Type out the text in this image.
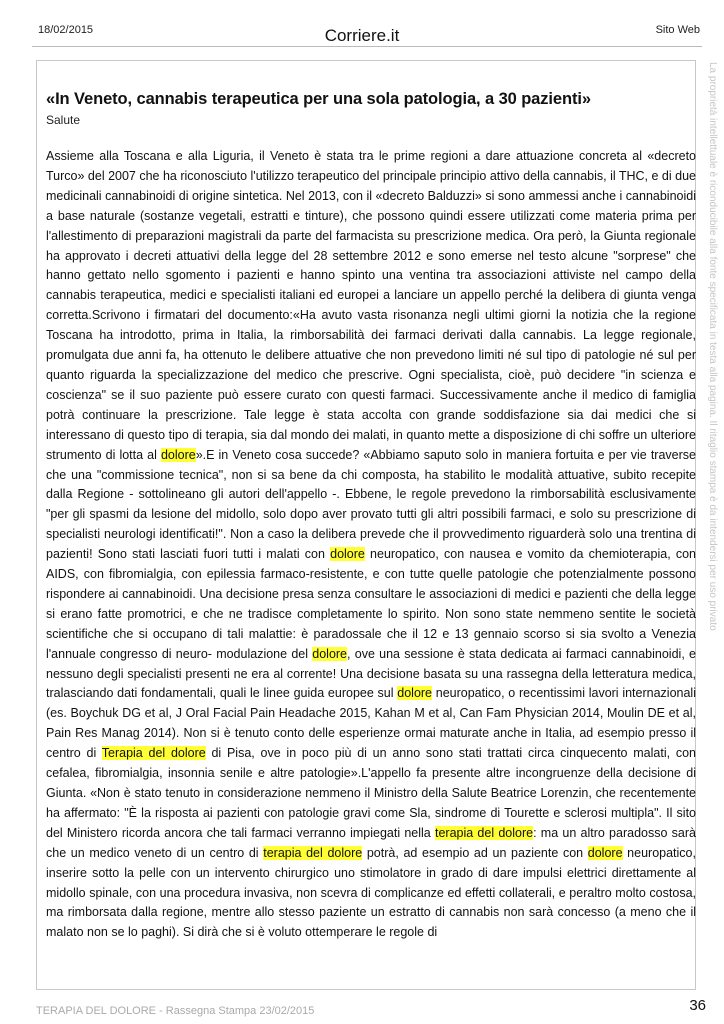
18/02/2015	Corriere.it	Sito Web
La proprietà intellettuale è riconducibile alla fonte specificata in testa alla pagina. Il ritaglio stampa è da intendersi per uso privato
«In Veneto, cannabis terapeutica per una sola patologia, a 30 pazienti»
Salute
Assieme alla Toscana e alla Liguria, il Veneto è stata tra le prime regioni a dare attuazione concreta al «decreto Turco» del 2007 che ha riconosciuto l'utilizzo terapeutico del principale principio attivo della cannabis, il THC, e di due medicinali cannabinoidi di origine sintetica. Nel 2013, con il «decreto Balduzzi» si sono ammessi anche i cannabinoidi a base naturale (sostanze vegetali, estratti e tinture), che possono quindi essere utilizzati come materia prima per l'allestimento di preparazioni magistrali da parte del farmacista su prescrizione medica. Ora però, la Giunta regionale ha approvato i decreti attuativi della legge del 28 settembre 2012 e sono emerse nel testo alcune "sorprese" che hanno gettato nello sgomento i pazienti e hanno spinto una ventina tra associazioni attiviste nel campo della cannabis terapeutica, medici e specialisti italiani ed europei a lanciare un appello perché la delibera di giunta venga corretta.Scrivono i firmatari del documento:«Ha avuto vasta risonanza negli ultimi giorni la notizia che la regione Toscana ha introdotto, prima in Italia, la rimborsabilità dei farmaci derivati dalla cannabis. La legge regionale, promulgata due anni fa, ha ottenuto le delibere attuative che non prevedono limiti né sul tipo di patologie né sul per quanto riguarda la specializzazione del medico che prescrive. Ogni specialista, cioè, può decidere "in scienza e coscienza" se il suo paziente può essere curato con questi farmaci. Successivamente anche il medico di famiglia potrà continuare la prescrizione. Tale legge è stata accolta con grande soddisfazione sia dai medici che si interessano di questo tipo di terapia, sia dal mondo dei malati, in quanto mette a disposizione di chi soffre un ulteriore strumento di lotta al dolore».E in Veneto cosa succede? «Abbiamo saputo solo in maniera fortuita e per vie traverse che una "commissione tecnica", non si sa bene da chi composta, ha stabilito le modalità attuative, subito recepite dalla Regione - sottolineano gli autori dell'appello -. Ebbene, le regole prevedono la rimborsabilità esclusivamente "per gli spasmi da lesione del midollo, solo dopo aver provato tutti gli altri possibili farmaci, e solo su prescrizione di specialisti neurologi identificati!". Non a caso la delibera prevede che il provvedimento riguarderà solo una trentina di pazienti! Sono stati lasciati fuori tutti i malati con dolore neuropatico, con nausea e vomito da chemioterapia, con AIDS, con fibromialgia, con epilessia farmaco-resistente, e con tutte quelle patologie che potenzialmente possono rispondere ai cannabinoidi. Una decisione presa senza consultare le associazioni di medici e pazienti che della legge si erano fatte promotrici, e che ne tradisce completamente lo spirito. Non sono state nemmeno sentite le società scientifiche che si occupano di tali malattie: è paradossale che il 12 e 13 gennaio scorso si sia svolto a Venezia l'annuale congresso di neuro- modulazione del dolore, ove una sessione è stata dedicata ai farmaci cannabinoidi, e nessuno degli specialisti presenti ne era al corrente! Una decisione basata su una rassegna della letteratura medica, tralasciando dati fondamentali, quali le linee guida europee sul dolore neuropatico, o recentissimi lavori internazionali (es. Boychuk DG et al, J Oral Facial Pain Headache 2015, Kahan M et al, Can Fam Physician 2014, Moulin DE et al, Pain Res Manag 2014). Non si è tenuto conto delle esperienze ormai maturate anche in Italia, ad esempio presso il centro di Terapia del dolore di Pisa, ove in poco più di un anno sono stati trattati circa cinquecento malati, con cefalea, fibromialgia, insonnia senile e altre patologie».L'appello fa presente altre incongruenze della decisione di Giunta. «Non è stato tenuto in considerazione nemmeno il Ministro della Salute Beatrice Lorenzin, che recentemente ha affermato: "È la risposta ai pazienti con patologie gravi come Sla, sindrome di Tourette e sclerosi multipla". Il sito del Ministero ricorda ancora che tali farmaci verranno impiegati nella terapia del dolore: ma un altro paradosso sarà che un medico veneto di un centro di terapia del dolore potrà, ad esempio ad un paziente con dolore neuropatico, inserire sotto la pelle con un intervento chirurgico uno stimolatore in grado di dare impulsi elettrici direttamente al midollo spinale, con una procedura invasiva, non scevra di complicanze ed effetti collaterali, e peraltro molto costosa, ma rimborsata dalla regione, mentre allo stesso paziente un estratto di cannabis non sarà concesso (a meno che il malato non se lo paghi). Si dirà che si è voluto ottemperare le regole di
TERAPIA DEL DOLORE - Rassegna Stampa 23/02/2015	36
